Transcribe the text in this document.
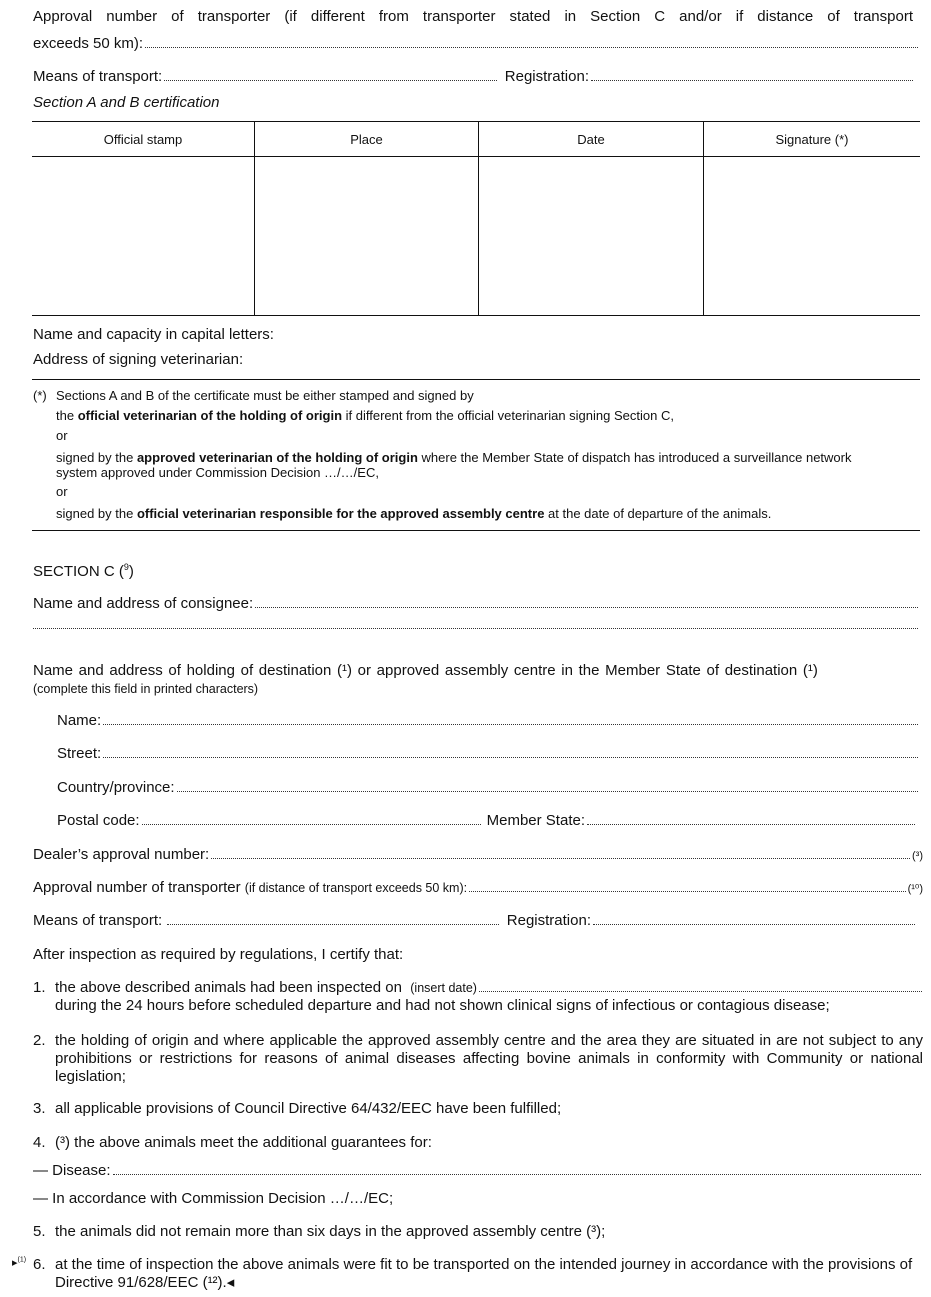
Approval number of transporter (if different from transporter stated in Section C and/or if distance of transport
exceeds 50 km):
Means of transport:	Registration:
Section A and B certification
Official stamp	Place	Date	Signature (*)

Name and capacity in capital letters:
Address of signing veterinarian:
(*) Sections A and B of the certificate must be either stamped and signed by
the official veterinarian of the holding of origin if different from the official veterinarian signing Section C,
or
signed by the approved veterinarian of the holding of origin where the Member State of dispatch has introduced a surveillance network
system approved under Commission Decision …/…/EC,
or
signed by the official veterinarian responsible for the approved assembly centre at the date of departure of the animals.
SECTION C ($^9$)
Name and address of consignee:
Name and address of holding of destination (¹) or approved assembly centre in the Member State of destination (¹)
(complete this field in printed characters)
Name:
Street:
Country/province:
Postal code:	Member State:
Dealer’s approval number:	(³)
Approval number of transporter
(if distance of transport exceeds 50 km):	(¹⁰)
Means of transport:	Registration:
After inspection as required by regulations, I certify that:
1. the above described animals had been inspected on
(insert date)
during the 24 hours before scheduled departure and had not shown clinical signs of infectious or contagious disease;
2. the holding of origin and where applicable the approved assembly centre and the area they are situated in are not subject to any prohibitions or restrictions for reasons of animal diseases affecting bovine animals in conformity with Community or national legislation;
3. all applicable provisions of Council Directive 64/432/EEC have been fulfilled;
4. (³) the above animals meet the additional guarantees for:
— Disease:
— In accordance with Commission Decision …/…/EC;
5. the animals did not remain more than six days in the approved assembly centre (³);
▸$^{(1)}$ 6. at the time of inspection the above animals were fit to be transported on the intended journey in accordance with the provisions of Directive 91/628/EEC (¹²).◂
